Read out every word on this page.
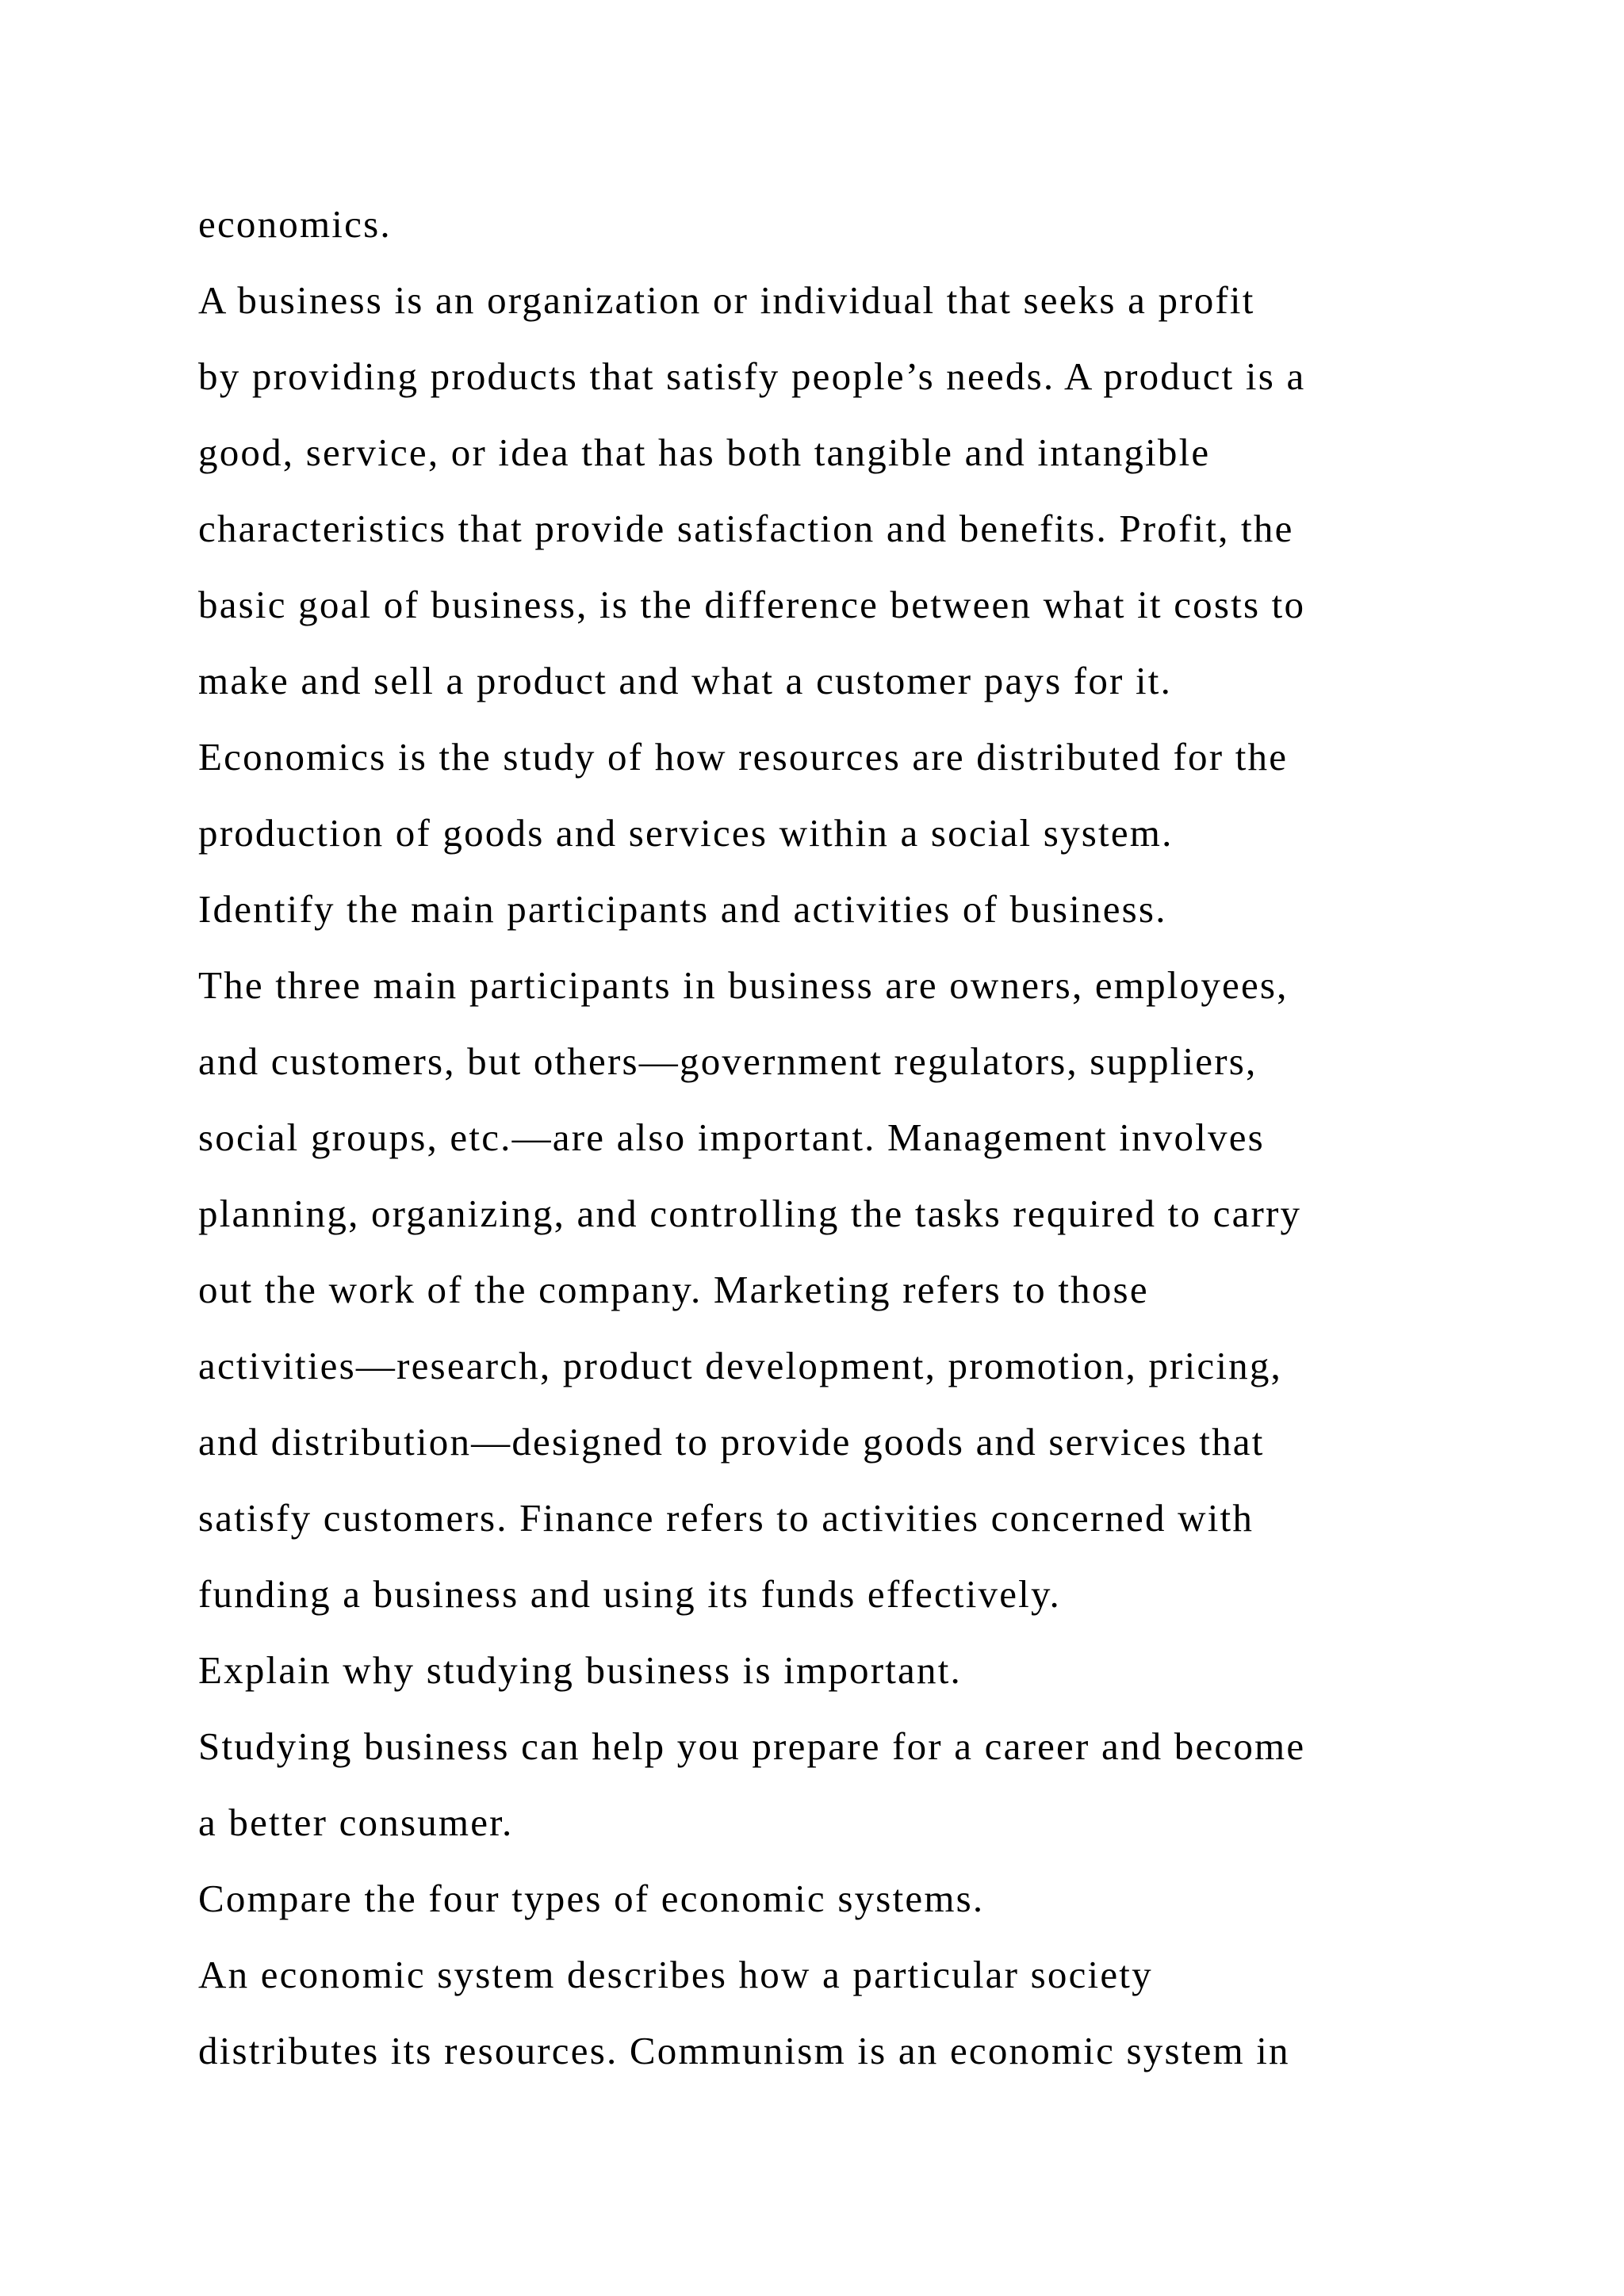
economics.
A business is an organization or individual that seeks a profit
by providing products that satisfy people’s needs. A product is a
good, service, or idea that has both tangible and intangible
characteristics that provide satisfaction and benefits. Profit, the
basic goal of business, is the difference between what it costs to
make and sell a product and what a customer pays for it.
Economics is the study of how resources are distributed for the
production of goods and services within a social system.
Identify the main participants and activities of business.
The three main participants in business are owners, employees,
and customers, but others—government regulators, suppliers,
social groups, etc.—are also important. Management involves
planning, organizing, and controlling the tasks required to carry
out the work of the company. Marketing refers to those
activities—research, product development, promotion, pricing,
and distribution—designed to provide goods and services that
satisfy customers. Finance refers to activities concerned with
funding a business and using its funds effectively.
Explain why studying business is important.
Studying business can help you prepare for a career and become
a better consumer.
Compare the four types of economic systems.
An economic system describes how a particular society
distributes its resources. Communism is an economic system in
